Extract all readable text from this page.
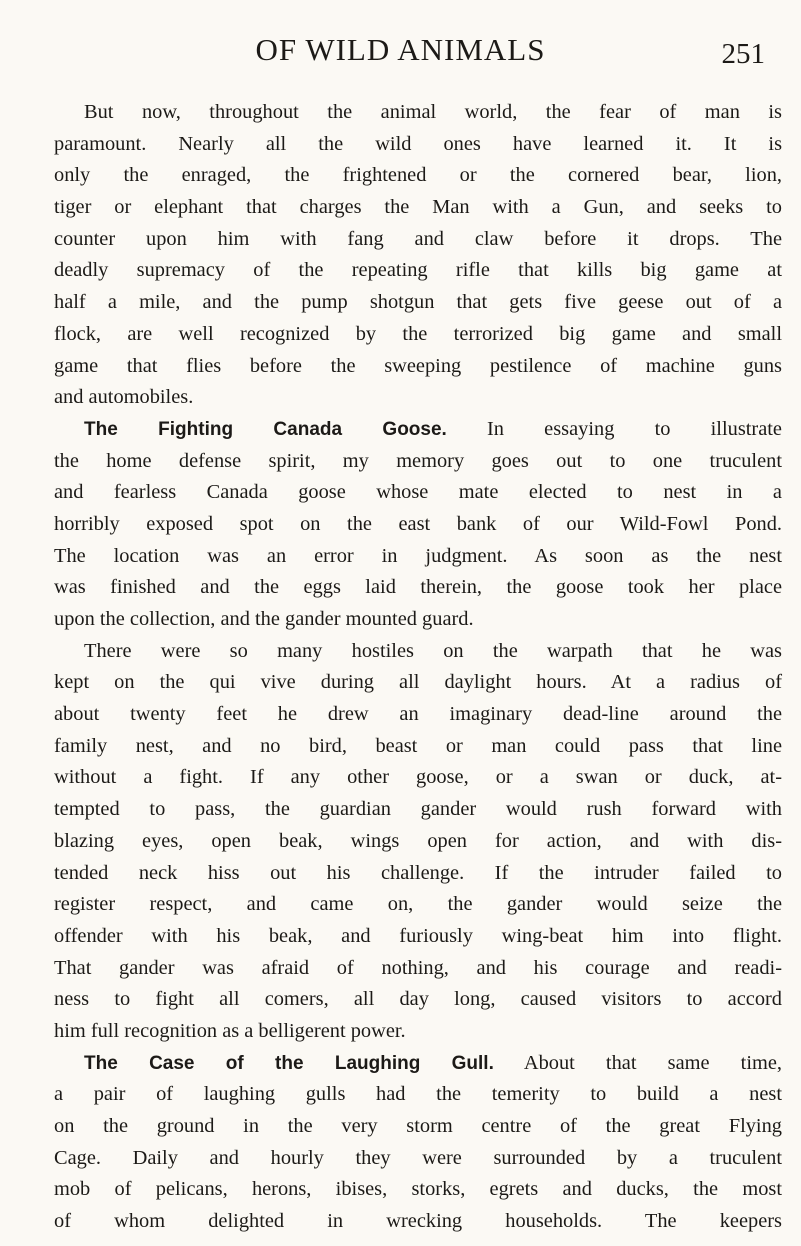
OF WILD ANIMALS	251
But now, throughout the animal world, the fear of man is
paramount. Nearly all the wild ones have learned it. It is
only the enraged, the frightened or the cornered bear, lion,
tiger or elephant that charges the Man with a Gun, and seeks to
counter upon him with fang and claw before it drops. The
deadly supremacy of the repeating rifle that kills big game at
half a mile, and the pump shotgun that gets five geese out of a
flock, are well recognized by the terrorized big game and small
game that flies before the sweeping pestilence of machine guns
and automobiles.
The Fighting Canada Goose. In essaying to illustrate
the home defense spirit, my memory goes out to one truculent
and fearless Canada goose whose mate elected to nest in a
horribly exposed spot on the east bank of our Wild-Fowl Pond.
The location was an error in judgment. As soon as the nest
was finished and the eggs laid therein, the goose took her place
upon the collection, and the gander mounted guard.
There were so many hostiles on the warpath that he was
kept on the qui vive during all daylight hours. At a radius of
about twenty feet he drew an imaginary dead-line around the
family nest, and no bird, beast or man could pass that line
without a fight. If any other goose, or a swan or duck, at-
tempted to pass, the guardian gander would rush forward with
blazing eyes, open beak, wings open for action, and with dis-
tended neck hiss out his challenge. If the intruder failed to
register respect, and came on, the gander would seize the
offender with his beak, and furiously wing-beat him into flight.
That gander was afraid of nothing, and his courage and readi-
ness to fight all comers, all day long, caused visitors to accord
him full recognition as a belligerent power.
The Case of the Laughing Gull. About that same time,
a pair of laughing gulls had the temerity to build a nest
on the ground in the very storm centre of the great Flying
Cage. Daily and hourly they were surrounded by a truculent
mob of pelicans, herons, ibises, storks, egrets and ducks, the most
of whom delighted in wrecking households. The keepers
